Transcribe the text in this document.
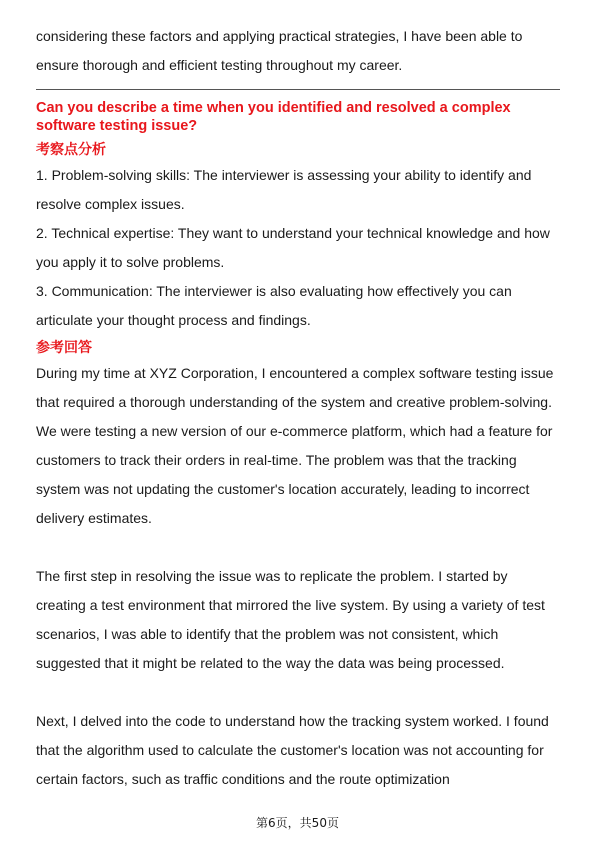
considering these factors and applying practical strategies, I have been able to ensure thorough and efficient testing throughout my career.

Can you describe a time when you identified and resolved a complex software testing issue?

考察点分析

1. Problem-solving skills: The interviewer is assessing your ability to identify and resolve complex issues.

2. Technical expertise: They want to understand your technical knowledge and how you apply it to solve problems.

3. Communication: The interviewer is also evaluating how effectively you can articulate your thought process and findings.

参考回答

During my time at XYZ Corporation, I encountered a complex software testing issue that required a thorough understanding of the system and creative problem-solving. We were testing a new version of our e-commerce platform, which had a feature for customers to track their orders in real-time. The problem was that the tracking system was not updating the customer's location accurately, leading to incorrect delivery estimates.

The first step in resolving the issue was to replicate the problem. I started by creating a test environment that mirrored the live system. By using a variety of test scenarios, I was able to identify that the problem was not consistent, which suggested that it might be related to the way the data was being processed.

Next, I delved into the code to understand how the tracking system worked. I found that the algorithm used to calculate the customer's location was not accounting for certain factors, such as traffic conditions and the route optimization

第6页，共50页
